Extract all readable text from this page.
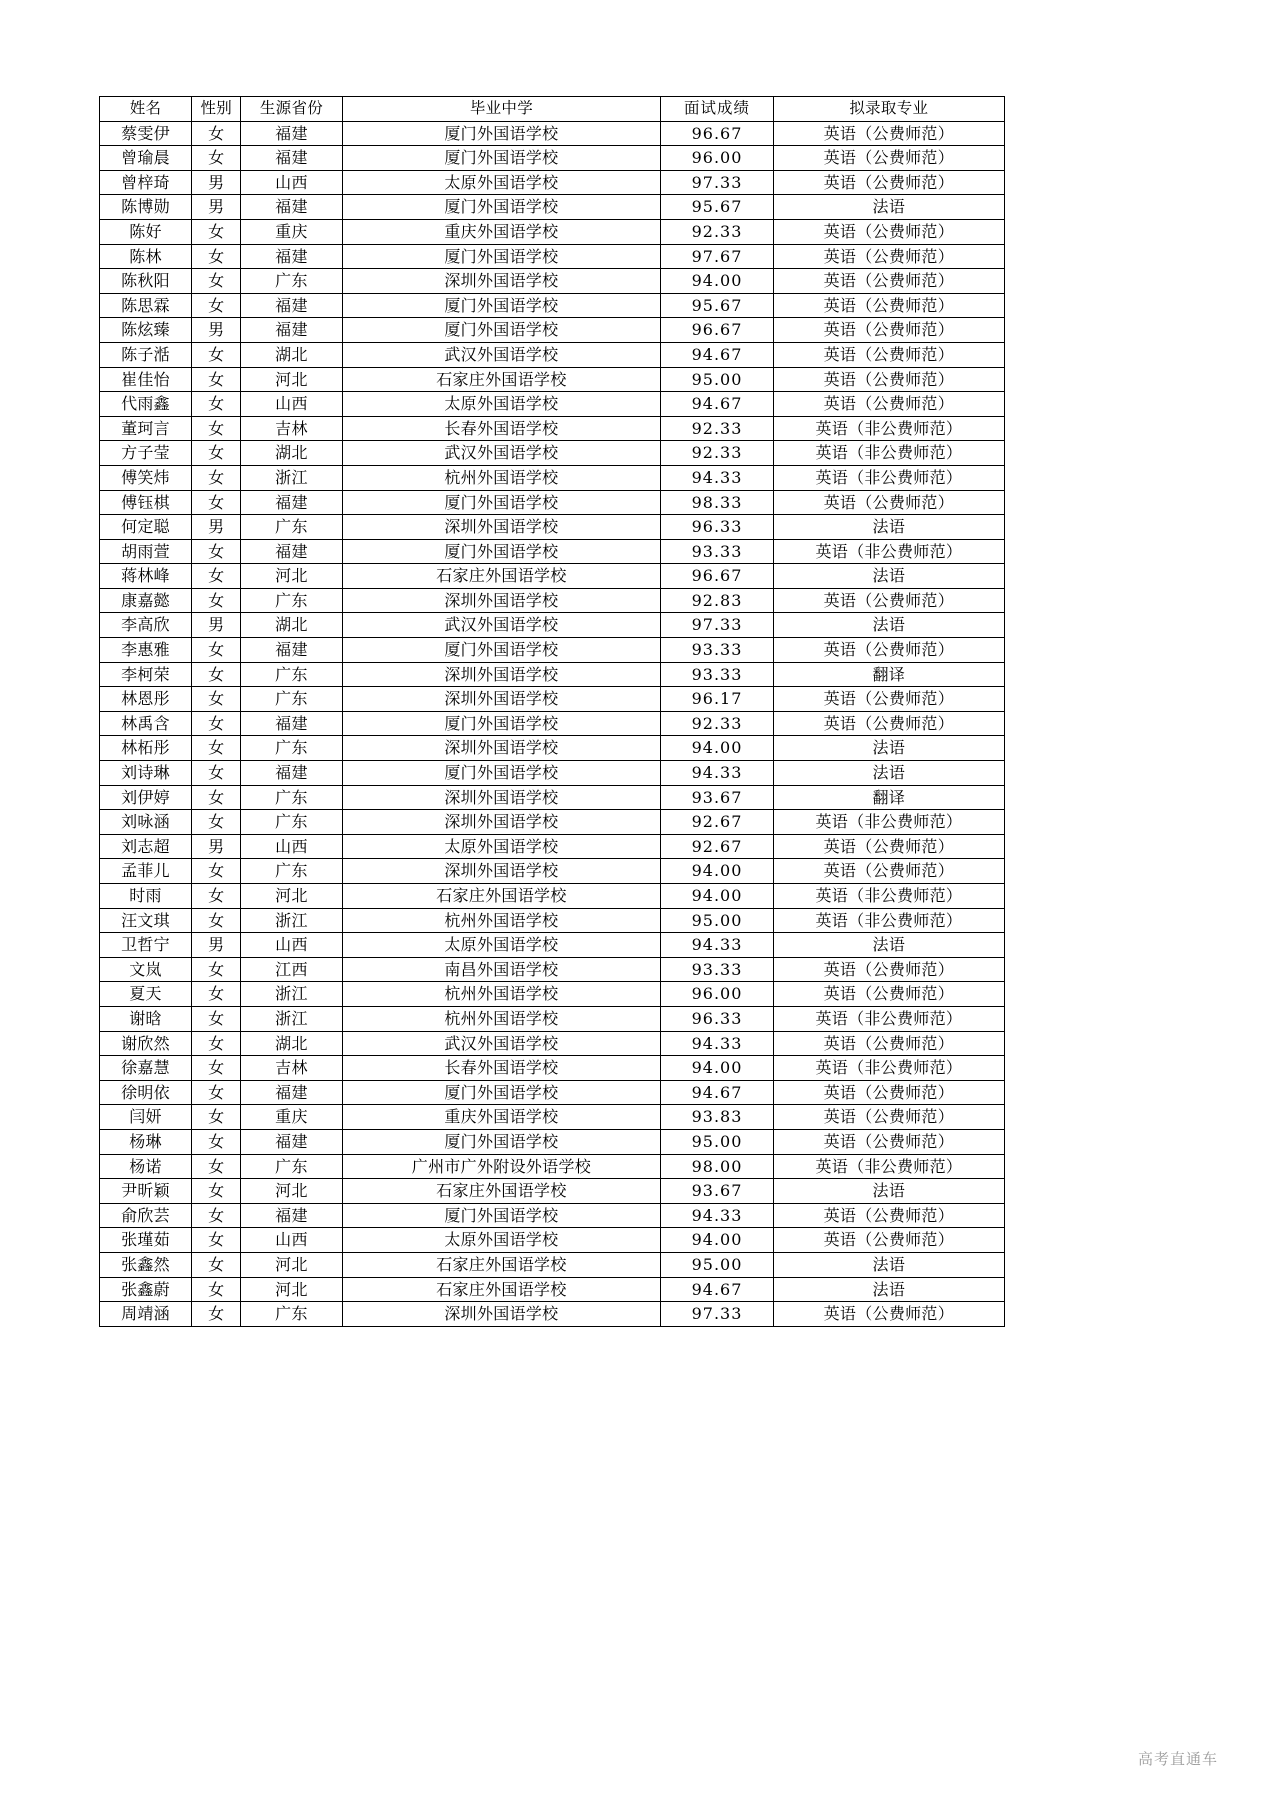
姓名	性别	生源省份	毕业中学	面试成绩	拟录取专业
蔡雯伊	女	福建	厦门外国语学校	96.67	英语（公费师范）
曾瑜晨	女	福建	厦门外国语学校	96.00	英语（公费师范）
曾梓琦	男	山西	太原外国语学校	97.33	英语（公费师范）
陈博勋	男	福建	厦门外国语学校	95.67	法语
陈好	女	重庆	重庆外国语学校	92.33	英语（公费师范）
陈林	女	福建	厦门外国语学校	97.67	英语（公费师范）
陈秋阳	女	广东	深圳外国语学校	94.00	英语（公费师范）
陈思霖	女	福建	厦门外国语学校	95.67	英语（公费师范）
陈炫臻	男	福建	厦门外国语学校	96.67	英语（公费师范）
陈子湉	女	湖北	武汉外国语学校	94.67	英语（公费师范）
崔佳怡	女	河北	石家庄外国语学校	95.00	英语（公费师范）
代雨鑫	女	山西	太原外国语学校	94.67	英语（公费师范）
董珂言	女	吉林	长春外国语学校	92.33	英语（非公费师范）
方子莹	女	湖北	武汉外国语学校	92.33	英语（非公费师范）
傅笑炜	女	浙江	杭州外国语学校	94.33	英语（非公费师范）
傅钰棋	女	福建	厦门外国语学校	98.33	英语（公费师范）
何定聪	男	广东	深圳外国语学校	96.33	法语
胡雨萱	女	福建	厦门外国语学校	93.33	英语（非公费师范）
蒋林峰	女	河北	石家庄外国语学校	96.67	法语
康嘉懿	女	广东	深圳外国语学校	92.83	英语（公费师范）
李高欣	男	湖北	武汉外国语学校	97.33	法语
李惠雅	女	福建	厦门外国语学校	93.33	英语（公费师范）
李柯荣	女	广东	深圳外国语学校	93.33	翻译
林恩彤	女	广东	深圳外国语学校	96.17	英语（公费师范）
林禹含	女	福建	厦门外国语学校	92.33	英语（公费师范）
林柘彤	女	广东	深圳外国语学校	94.00	法语
刘诗琳	女	福建	厦门外国语学校	94.33	法语
刘伊婷	女	广东	深圳外国语学校	93.67	翻译
刘咏涵	女	广东	深圳外国语学校	92.67	英语（非公费师范）
刘志超	男	山西	太原外国语学校	92.67	英语（公费师范）
孟菲儿	女	广东	深圳外国语学校	94.00	英语（公费师范）
时雨	女	河北	石家庄外国语学校	94.00	英语（非公费师范）
汪文琪	女	浙江	杭州外国语学校	95.00	英语（非公费师范）
卫哲宁	男	山西	太原外国语学校	94.33	法语
文岚	女	江西	南昌外国语学校	93.33	英语（公费师范）
夏天	女	浙江	杭州外国语学校	96.00	英语（公费师范）
谢晗	女	浙江	杭州外国语学校	96.33	英语（非公费师范）
谢欣然	女	湖北	武汉外国语学校	94.33	英语（公费师范）
徐嘉慧	女	吉林	长春外国语学校	94.00	英语（非公费师范）
徐明依	女	福建	厦门外国语学校	94.67	英语（公费师范）
闫妍	女	重庆	重庆外国语学校	93.83	英语（公费师范）
杨琳	女	福建	厦门外国语学校	95.00	英语（公费师范）
杨诺	女	广东	广州市广外附设外语学校	98.00	英语（非公费师范）
尹昕颖	女	河北	石家庄外国语学校	93.67	法语
俞欣芸	女	福建	厦门外国语学校	94.33	英语（公费师范）
张瑾茹	女	山西	太原外国语学校	94.00	英语（公费师范）
张鑫然	女	河北	石家庄外国语学校	95.00	法语
张鑫蔚	女	河北	石家庄外国语学校	94.67	法语
周靖涵	女	广东	深圳外国语学校	97.33	英语（公费师范）
高考直通车
